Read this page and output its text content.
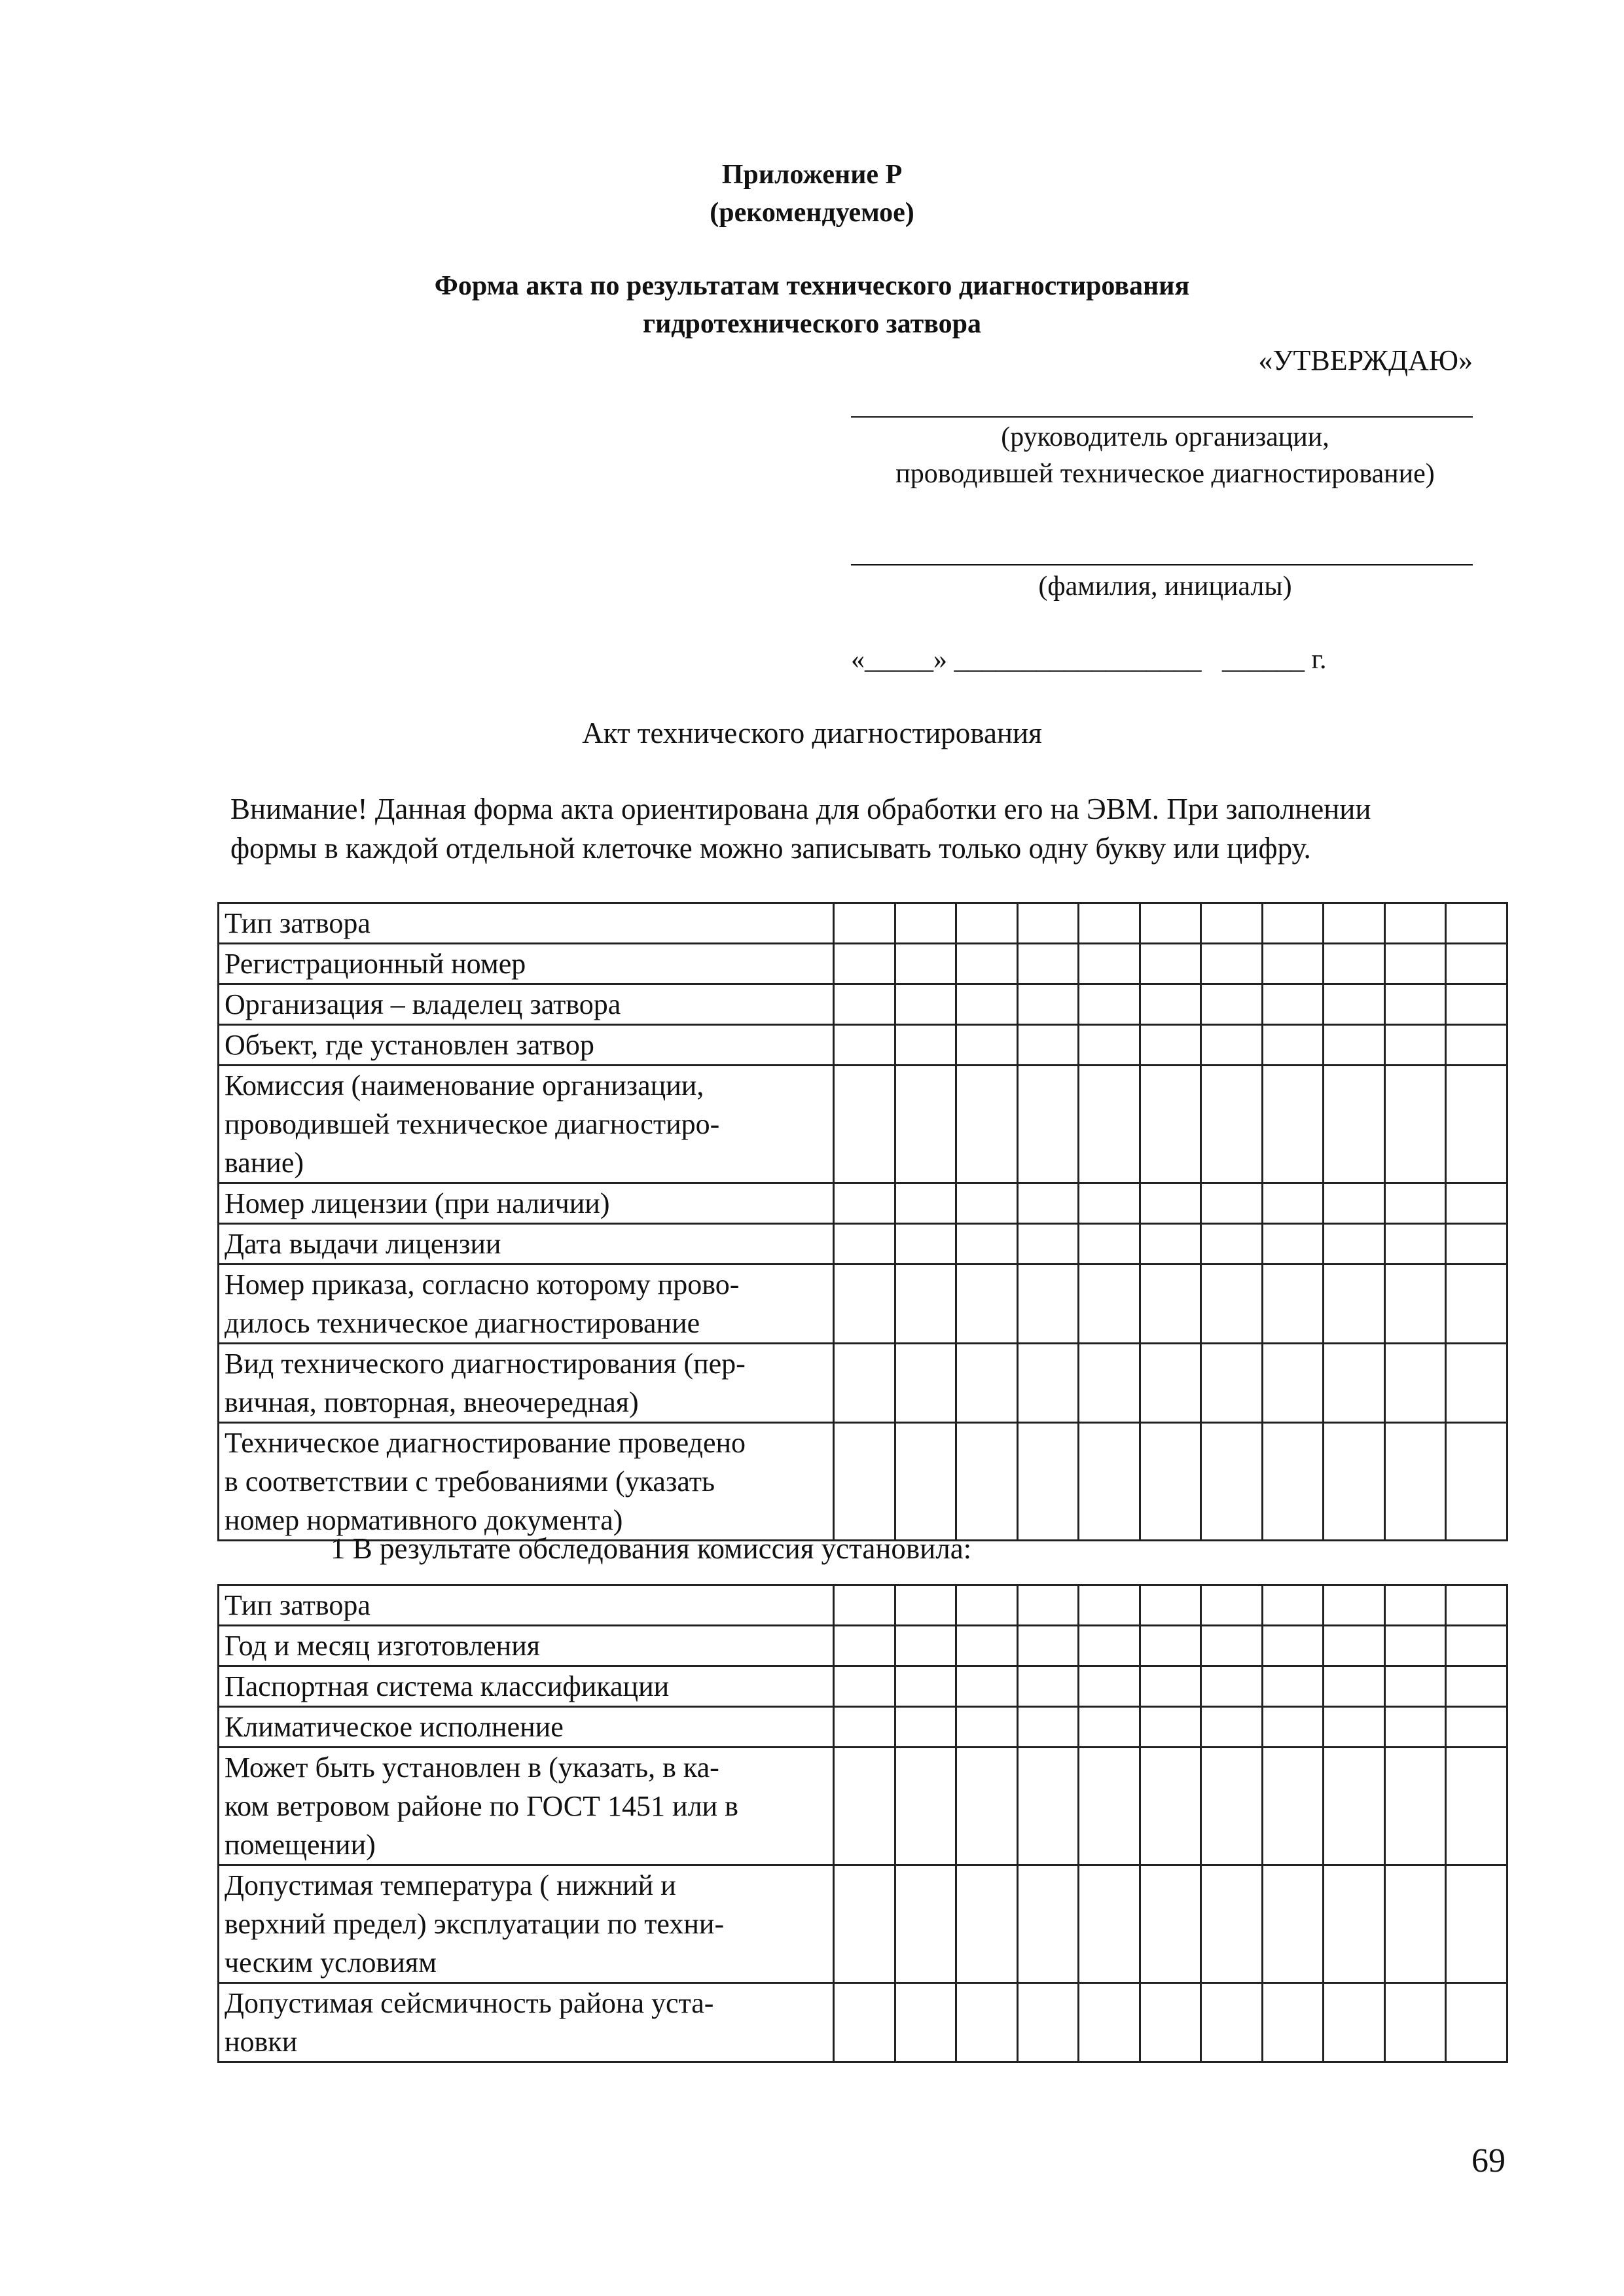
Приложение Р
(рекомендуемое)
Форма акта по результатам технического диагностирования
гидротехнического затвора
«УТВЕРЖДАЮ»
(руководитель организации,
проводившей техническое диагностирование)
(фамилия, инициалы)
«_____» __________________   ______ г.
Акт технического диагностирования
Внимание! Данная форма акта ориентирована для обработки его на ЭВМ. При заполнении
формы в каждой отдельной клеточке можно записывать только одну букву или цифру.
Тип затвора											

Регистрационный номер											

Организация – владелец затвора											

Объект, где установлен затвор											

Комиссия (наименование организации,
проводившей техническое диагностиро-
вание)											

Номер лицензии (при наличии)											

Дата выдачи лицензии											

Номер приказа, согласно которому прово-
дилось техническое диагностирование											

Вид технического диагностирования (пер-
вичная, повторная, внеочередная)											

Техническое диагностирование проведено
в соответствии с требованиями (указать
номер нормативного документа)											

1 В результате обследования комиссия установила:
Тип затвора											

Год и месяц изготовления											

Паспортная система классификации											

Климатическое исполнение											

Может быть установлен в (указать, в ка-
ком ветровом районе по ГОСТ 1451 или в
помещении)											

Допустимая температура ( нижний и
верхний предел) эксплуатации по техни-
ческим условиям											

Допустимая сейсмичность района уста-
новки											

69
